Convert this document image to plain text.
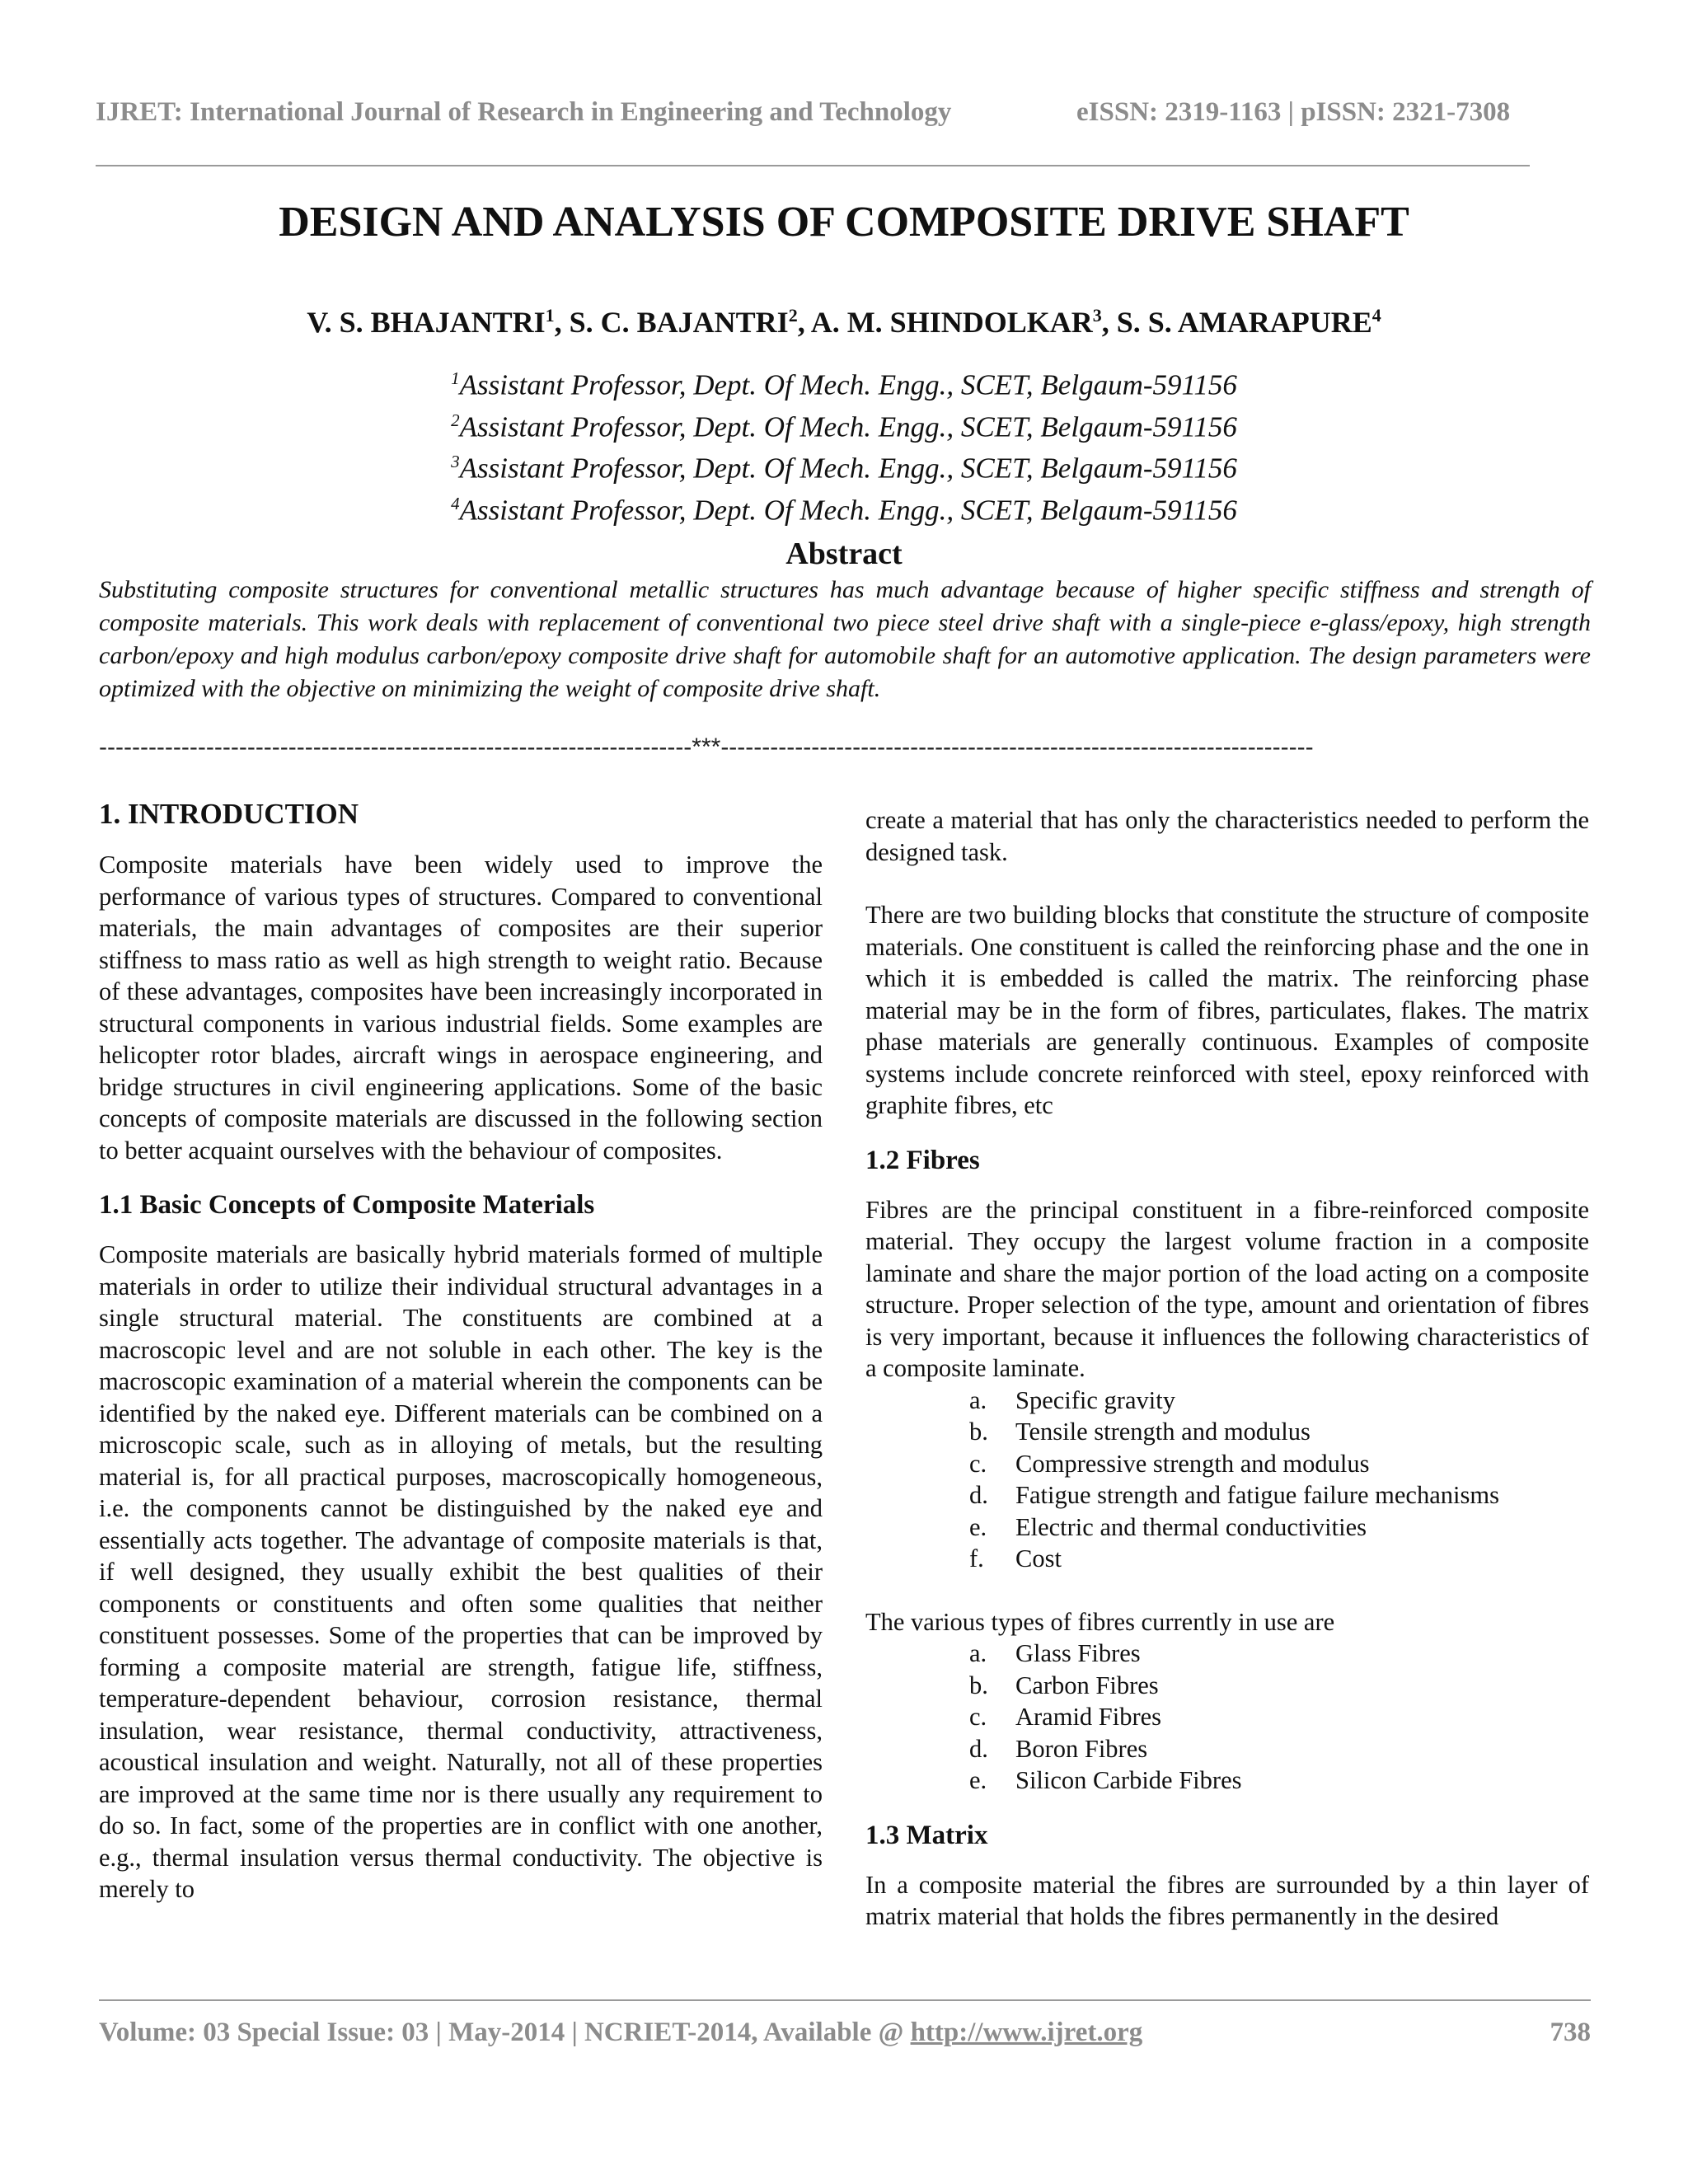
IJRET: International Journal of Research in Engineering and Technology	eISSN: 2319-1163 | pISSN: 2321-7308
DESIGN AND ANALYSIS OF COMPOSITE DRIVE SHAFT
V. S. BHAJANTRI$^1$, S. C. BAJANTRI$^2$, A. M. SHINDOLKAR$^3$, S. S. AMARAPURE$^4$
$^1$Assistant Professor, Dept. Of Mech. Engg., SCET, Belgaum-591156
$^2$Assistant Professor, Dept. Of Mech. Engg., SCET, Belgaum-591156
$^3$Assistant Professor, Dept. Of Mech. Engg., SCET, Belgaum-591156
$^4$Assistant Professor, Dept. Of Mech. Engg., SCET, Belgaum-591156
Abstract
Substituting composite structures for conventional metallic structures has much advantage because of higher specific stiffness and strength of composite materials. This work deals with replacement of conventional two piece steel drive shaft with a single-piece e-glass/epoxy, high strength carbon/epoxy and high modulus carbon/epoxy composite drive shaft for automobile shaft for an automotive application. The design parameters were optimized with the objective on minimizing the weight of composite drive shaft.
------------------------------------------------------------------------***------------------------------------------------------------------------
1. INTRODUCTION

Composite materials have been widely used to improve the performance of various types of structures. Compared to conventional materials, the main advantages of composites are their superior stiffness to mass ratio as well as high strength to weight ratio. Because of these advantages, composites have been increasingly incorporated in structural components in various industrial fields. Some examples are helicopter rotor blades, aircraft wings in aerospace engineering, and bridge structures in civil engineering applications. Some of the basic concepts of composite materials are discussed in the following section to better acquaint ourselves with the behaviour of composites.

1.1 Basic Concepts of Composite Materials

Composite materials are basically hybrid materials formed of multiple materials in order to utilize their individual structural advantages in a single structural material. The constituents are combined at a macroscopic level and are not soluble in each other. The key is the macroscopic examination of a material wherein the components can be identified by the naked eye. Different materials can be combined on a microscopic scale, such as in alloying of metals, but the resulting material is, for all practical purposes, macroscopically homogeneous, i.e. the components cannot be distinguished by the naked eye and essentially acts together. The advantage of composite materials is that, if well designed, they usually exhibit the best qualities of their components or constituents and often some qualities that neither constituent possesses. Some of the properties that can be improved by forming a composite material are strength, fatigue life, stiffness, temperature-dependent behaviour, corrosion resistance, thermal insulation, wear resistance, thermal conductivity, attractiveness, acoustical insulation and weight. Naturally, not all of these properties are improved at the same time nor is there usually any requirement to do so. In fact, some of the properties are in conflict with one another, e.g., thermal insulation versus thermal conductivity. The objective is merely to

create a material that has only the characteristics needed to perform the designed task.

There are two building blocks that constitute the structure of composite materials. One constituent is called the reinforcing phase and the one in which it is embedded is called the matrix. The reinforcing phase material may be in the form of fibres, particulates, flakes. The matrix phase materials are generally continuous. Examples of composite systems include concrete reinforced with steel, epoxy reinforced with graphite fibres, etc

1.2 Fibres

Fibres are the principal constituent in a fibre-reinforced composite material. They occupy the largest volume fraction in a composite laminate and share the major portion of the load acting on a composite structure. Proper selection of the type, amount and orientation of fibres is very important, because it influences the following characteristics of a composite laminate.

a. Specific gravity
b. Tensile strength and modulus
c. Compressive strength and modulus
d. Fatigue strength and fatigue failure mechanisms
e. Electric and thermal conductivities
f. Cost

The various types of fibres currently in use are

a. Glass Fibres
b. Carbon Fibres
c. Aramid Fibres
d. Boron Fibres
e. Silicon Carbide Fibres
1.3 Matrix

In a composite material the fibres are surrounded by a thin layer of matrix material that holds the fibres permanently in the desired

Volume: 03 Special Issue: 03 | May-2014 | NCRIET-2014, Available @ http://www.ijret.org	738
